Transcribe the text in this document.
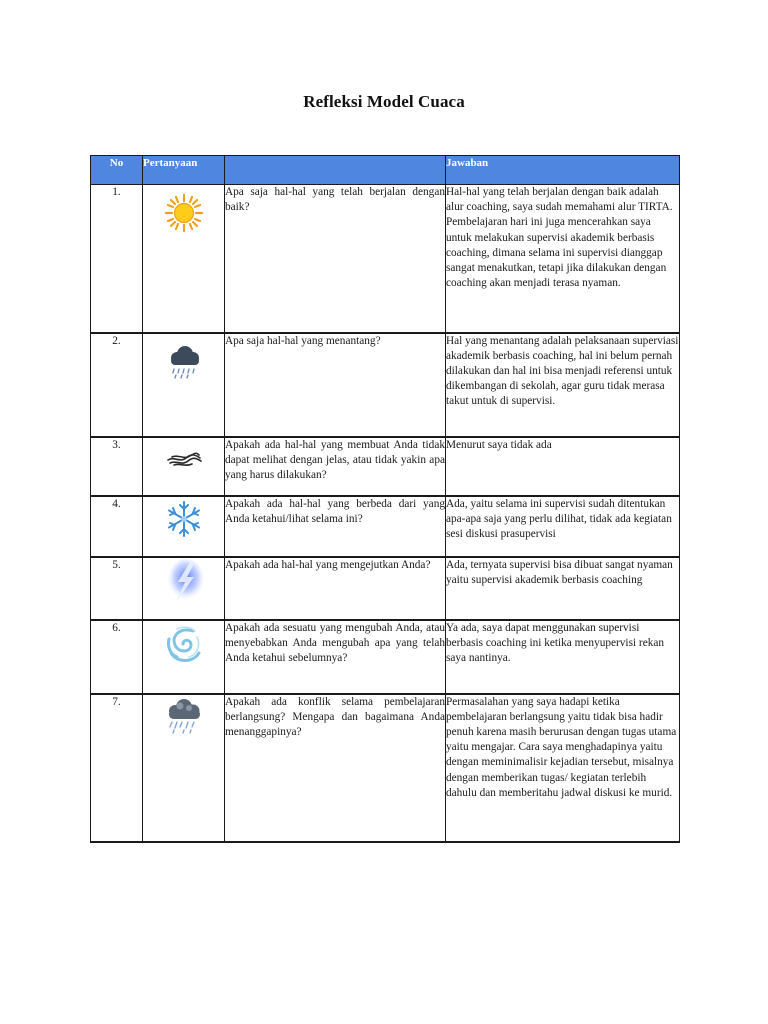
Refleksi Model Cuaca
No	Pertanyaan		Jawaban
1.		Apa saja hal-hal yang telah berjalan dengan baik?	Hal-hal yang telah berjalan dengan baik adalah alur coaching, saya sudah memahami alur TIRTA. Pembelajaran hari ini juga mencerahkan saya untuk melakukan supervisi akademik berbasis coaching, dimana selama ini supervisi dianggap sangat menakutkan, tetapi jika dilakukan dengan coaching akan menjadi terasa nyaman.
2.		Apa saja hal-hal yang menantang?	Hal yang menantang adalah pelaksanaan superviasi akademik berbasis coaching, hal ini belum pernah dilakukan dan hal ini bisa menjadi referensi untuk dikembangan di sekolah, agar guru tidak merasa takut untuk di supervisi.
3.		Apakah ada hal-hal yang membuat Anda tidak dapat melihat dengan jelas, atau tidak yakin apa yang harus dilakukan?	Menurut saya tidak ada
4.		Apakah ada hal-hal yang berbeda dari yang Anda ketahui/lihat selama ini?	Ada, yaitu selama ini supervisi sudah ditentukan apa-apa saja yang perlu dilihat, tidak ada kegiatan sesi diskusi prasupervisi
5.		Apakah ada hal-hal yang mengejutkan Anda?	Ada, ternyata supervisi bisa dibuat sangat nyaman yaitu supervisi akademik berbasis coaching
6.		Apakah ada sesuatu yang mengubah Anda, atau menyebabkan Anda mengubah apa yang telah Anda ketahui sebelumnya?	Ya ada, saya dapat menggunakan supervisi berbasis coaching ini ketika menyupervisi rekan saya nantinya.
7.		Apakah ada konflik selama pembelajaran berlangsung? Mengapa dan bagaimana Anda menanggapinya?	Permasalahan yang saya hadapi ketika pembelajaran berlangsung yaitu tidak bisa hadir penuh karena masih berurusan dengan tugas utama yaitu mengajar. Cara saya menghadapinya yaitu dengan meminimalisir kejadian tersebut, misalnya dengan memberikan tugas/ kegiatan terlebih dahulu dan memberitahu jadwal diskusi ke murid.
